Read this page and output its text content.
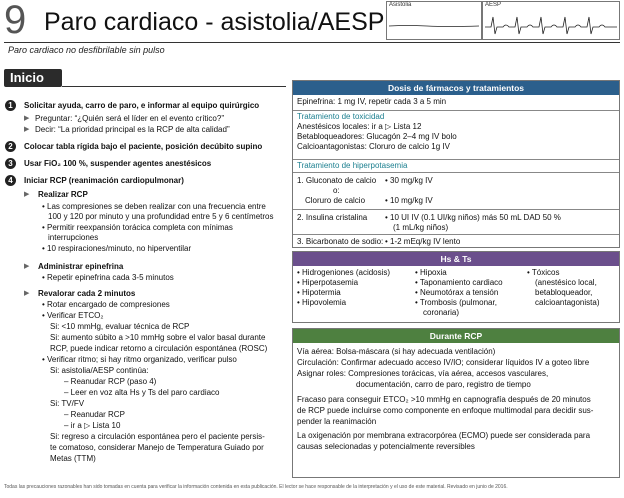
9 Paro cardiaco - asistolia/AESP
Paro cardiaco no desfibrilable sin pulso
Asistolia	AESP
Inicio
1	Solicitar ayuda, carro de paro, e informar al equipo quirúrgico
▶ Preguntar: “¿Quién será el líder en el evento crítico?”
▶ Decir: “La prioridad principal es la RCP de alta calidad”
2	Colocar tabla rígida bajo el paciente, posición decúbito supino
3	Usar FiO₂ 100 %, suspender agentes anestésicos
4	Iniciar RCP (reanimación cardiopulmonar)
▶ Realizar RCP
• Las compresiones se deben realizar con una frecuencia entre
100 y 120 por minuto y una profundidad entre 5 y 6 centímetros
• Permitir reexpansión torácica completa con mínimas
interrupciones
• 10 respiraciones/minuto, no hiperventilar
▶ Administrar epinefrina
• Repetir epinefrina cada 3-5 minutos
▶ Revalorar cada 2 minutos
• Rotar encargado de compresiones
• Verificar ETCO₂
Si: <10 mmHg, evaluar técnica de RCP
Si: aumento súbito a >10 mmHg sobre el valor basal durante
RCP, puede indicar retorno a circulación espontánea (ROSC)
• Verificar ritmo; si hay ritmo organizado, verificar pulso
Si: asistolia/AESP continúa:
– Reanudar RCP (paso 4)
– Leer en voz alta Hs y Ts del paro cardiaco
Si: TV/FV
– Reanudar RCP
– ir a ▷ Lista 10
Si: regreso a circulación espontánea pero el paciente persis-
te comatoso, considerar Manejo de Temperatura Guiado por
Metas (TTM)
Dosis de fármacos y tratamientos
Epinefrina: 1 mg IV, repetir cada 3 a 5 min
Tratamiento de toxicidad
Anestésicos locales: ir a ▷ Lista 12
Betabloqueadores: Glucagón 2–4 mg IV bolo
Calcioantagonistas: Cloruro de calcio 1g IV
Tratamiento de hiperpotasemia
1. Gluconato de calcio • 30 mg/kg IV
o:
Cloruro de calcio • 10 mg/kg IV
2. Insulina cristalina • 10 UI IV (0.1 UI/kg niños) más 50 mL DAD 50 %
(1 mL/kg niños)
3. Bicarbonato de sodio: • 1-2 mEq/kg IV lento
Hs & Ts
• Hidrogeniones (acidosis)
• Hiperpotasemia
• Hipotermia
• Hipovolemia
• Hipoxia
• Taponamiento cardiaco
• Neumotórax a tensión
• Trombosis (pulmonar,
coronaria)
• Tóxicos
(anestésico local,
betabloqueador,
calcioantagonista)
Durante RCP
Vía aérea: Bolsa-máscara (si hay adecuada ventilación)
Circulación: Confirmar adecuado acceso IV/IO; considerar líquidos IV a goteo libre
Asignar roles: Compresiones torácicas, vía aérea, accesos vasculares,
documentación, carro de paro, registro de tiempo
Fracaso para conseguir ETCO₂ >10 mmHg en capnografía después de 20 minutos
de RCP puede incluirse como componente en enfoque multimodal para decidir sus-
pender la reanimación
La oxigenación por membrana extracorpórea (ECMO) puede ser considerada para
causas selecionadas y potencialmente reversibles
Todas las precauciones razonables han sido tomadas en cuenta para verificar la información contenida en esta publicación. El lector se hace responsable de la interpretación y el uso de este material. Revisado en junio de 2016.
